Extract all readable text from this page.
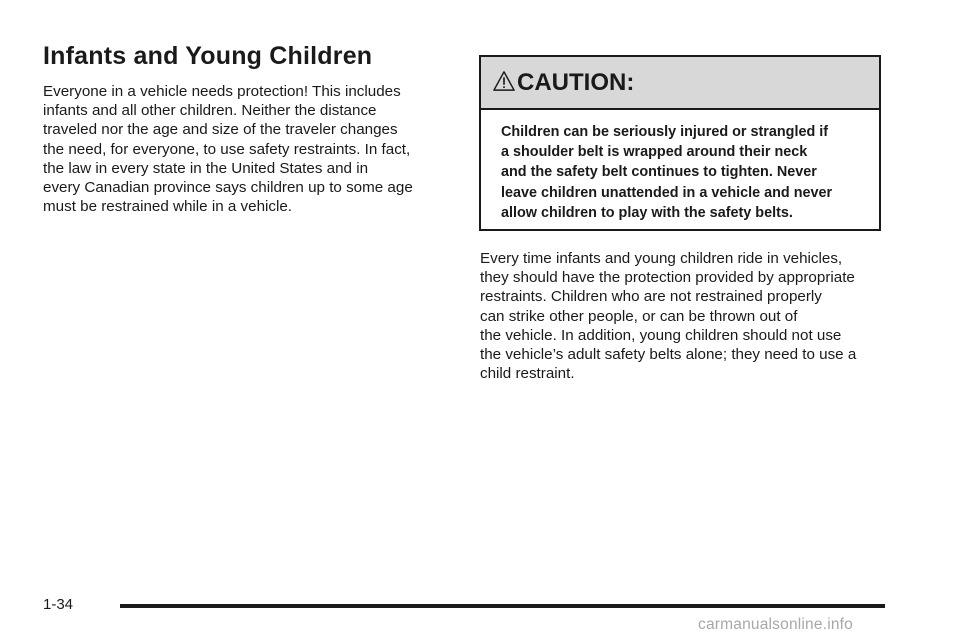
Infants and Young Children

Everyone in a vehicle needs protection! This includes
infants and all other children. Neither the distance
traveled nor the age and size of the traveler changes
the need, for everyone, to use safety restraints. In fact,
the law in every state in the United States and in
every Canadian province says children up to some age
must be restrained while in a vehicle.

CAUTION:

Children can be seriously injured or strangled if
a shoulder belt is wrapped around their neck
and the safety belt continues to tighten. Never
leave children unattended in a vehicle and never
allow children to play with the safety belts.

Every time infants and young children ride in vehicles,
they should have the protection provided by appropriate
restraints. Children who are not restrained properly
can strike other people, or can be thrown out of
the vehicle. In addition, young children should not use
the vehicle’s adult safety belts alone; they need to use a
child restraint.

1-34
carmanualsonline.info
